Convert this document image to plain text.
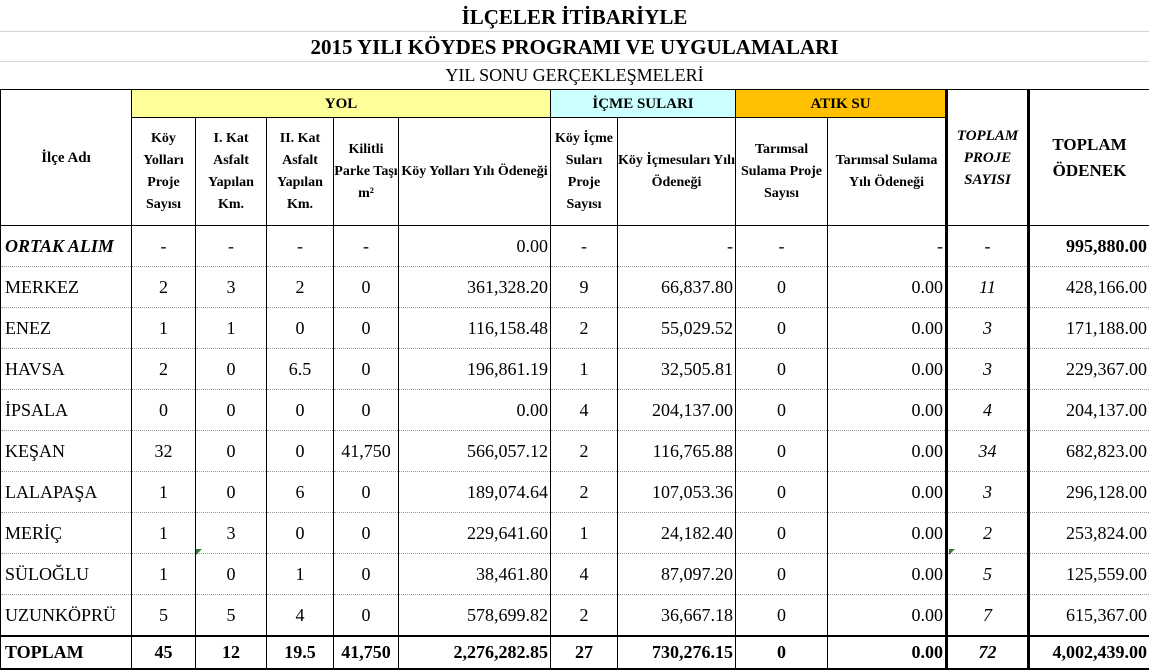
İLÇELER İTİBARİYLE
2015 YILI KÖYDES PROGRAMI VE UYGULAMALARI
YIL SONU GERÇEKLEŞMELERİ
İlçe Adı	YOL					İÇME SULARI		ATIK SU		TOPLAM PROJE SAYISI	TOPLAM ÖDENEK
	Köy Yolları Proje Sayısı	I. Kat Asfalt Yapılan Km.	II. Kat Asfalt Yapılan Km.	Kilitli Parke Taşı m²	Köy Yolları Yılı Ödeneği	Köy İçme Suları Proje Sayısı	Köy İçmesuları Yılı Ödeneği	Tarımsal Sulama Proje Sayısı	Tarımsal Sulama Yılı Ödeneği		
ORTAK ALIM	-	-	-	-	0.00	-	-	-	-	-	995,880.00
MERKEZ	2	3	2	0	361,328.20	9	66,837.80	0	0.00	11	428,166.00
ENEZ	1	1	0	0	116,158.48	2	55,029.52	0	0.00	3	171,188.00
HAVSA	2	0	6.5	0	196,861.19	1	32,505.81	0	0.00	3	229,367.00
İPSALA	0	0	0	0	0.00	4	204,137.00	0	0.00	4	204,137.00
KEŞAN	32	0	0	41,750	566,057.12	2	116,765.88	0	0.00	34	682,823.00
LALAPAŞA	1	0	6	0	189,074.64	2	107,053.36	0	0.00	3	296,128.00
MERİÇ	1	3	0	0	229,641.60	1	24,182.40	0	0.00	2	253,824.00
SÜLOĞLU	1	0	1	0	38,461.80	4	87,097.20	0	0.00	5	125,559.00
UZUNKÖPRÜ	5	5	4	0	578,699.82	2	36,667.18	0	0.00	7	615,367.00
TOPLAM	45	12	19.5	41,750	2,276,282.85	27	730,276.15	0	0.00	72	4,002,439.00
